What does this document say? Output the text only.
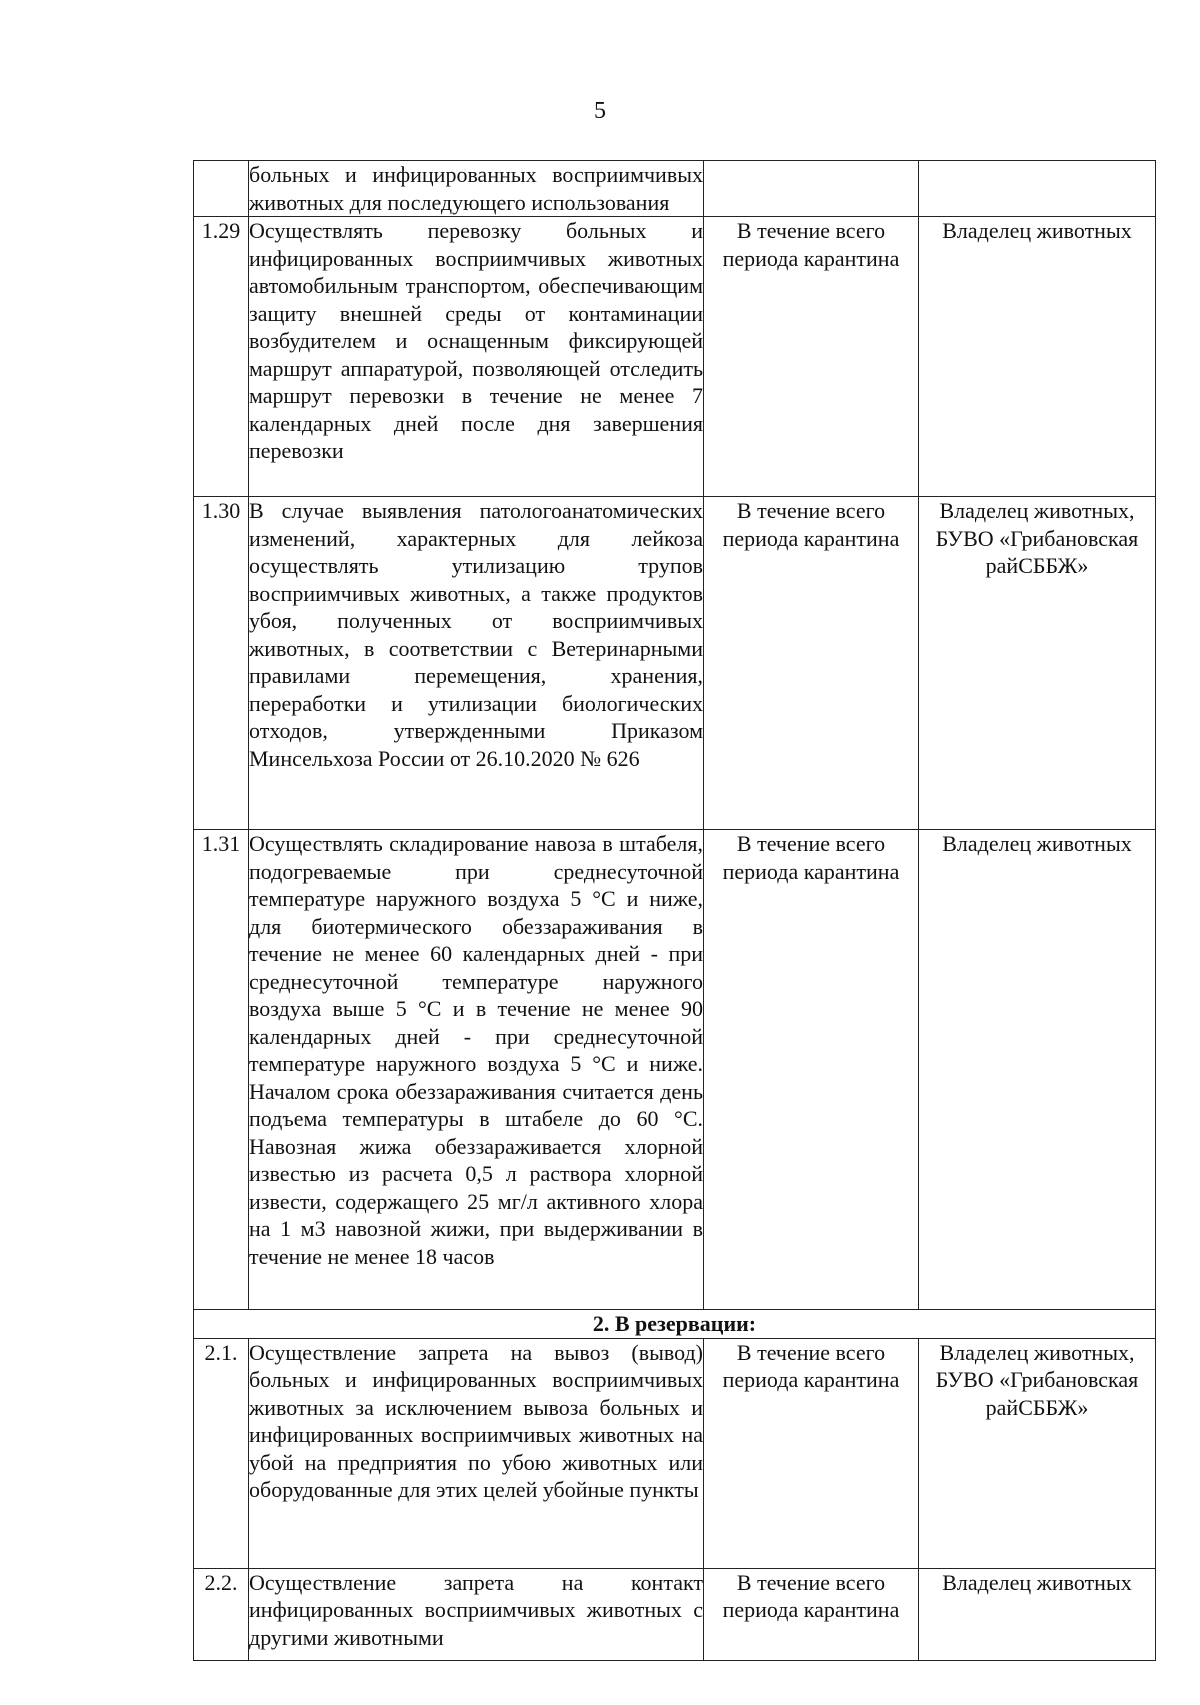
5
	больных и инфицированных восприимчивых животных для последующего использования		
1.29	Осуществлять перевозку больных и инфицированных восприимчивых животных автомобильным транспортом, обеспечивающим защиту внешней среды от контаминации возбудителем и оснащенным фиксирующей маршрут аппаратурой, позволяющей отследить маршрут перевозки в течение не менее 7 календарных дней после дня завершения перевозки	В течение всего периода карантина	Владелец животных
1.30	В случае выявления патологоанатомических изменений, характерных для лейкоза осуществлять утилизацию трупов восприимчивых животных, а также продуктов убоя, полученных от восприимчивых животных, в соответствии с Ветеринарными правилами перемещения, хранения, переработки и утилизации биологических отходов, утвержденными Приказом Минсельхоза России от 26.10.2020 № 626	В течение всего периода карантина	Владелец животных, БУВО «Грибановская райСББЖ»
1.31	Осуществлять складирование навоза в штабеля, подогреваемые при среднесуточной температуре наружного воздуха 5 °С и ниже, для биотермического обеззараживания в течение не менее 60 календарных дней - при среднесуточной температуре наружного воздуха выше 5 °С и в течение не менее 90 календарных дней - при среднесуточной температуре наружного воздуха 5 °С и ниже. Началом срока обеззараживания считается день подъема температуры в штабеле до 60 °С. Навозная жижа обеззараживается хлорной известью из расчета 0,5 л раствора хлорной извести, содержащего 25 мг/л активного хлора на 1 м3 навозной жижи, при выдерживании в течение не менее 18 часов	В течение всего периода карантина	Владелец животных
2. В резервации:			
2.1.	Осуществление запрета на вывоз (вывод) больных и инфицированных восприимчивых животных за исключением вывоза больных и инфицированных восприимчивых животных на убой на предприятия по убою животных или оборудованные для этих целей убойные пункты	В течение всего периода карантина	Владелец животных, БУВО «Грибановская райСББЖ»
2.2.	Осуществление запрета на контакт инфицированных восприимчивых животных с другими животными	В течение всего периода карантина	Владелец животных
